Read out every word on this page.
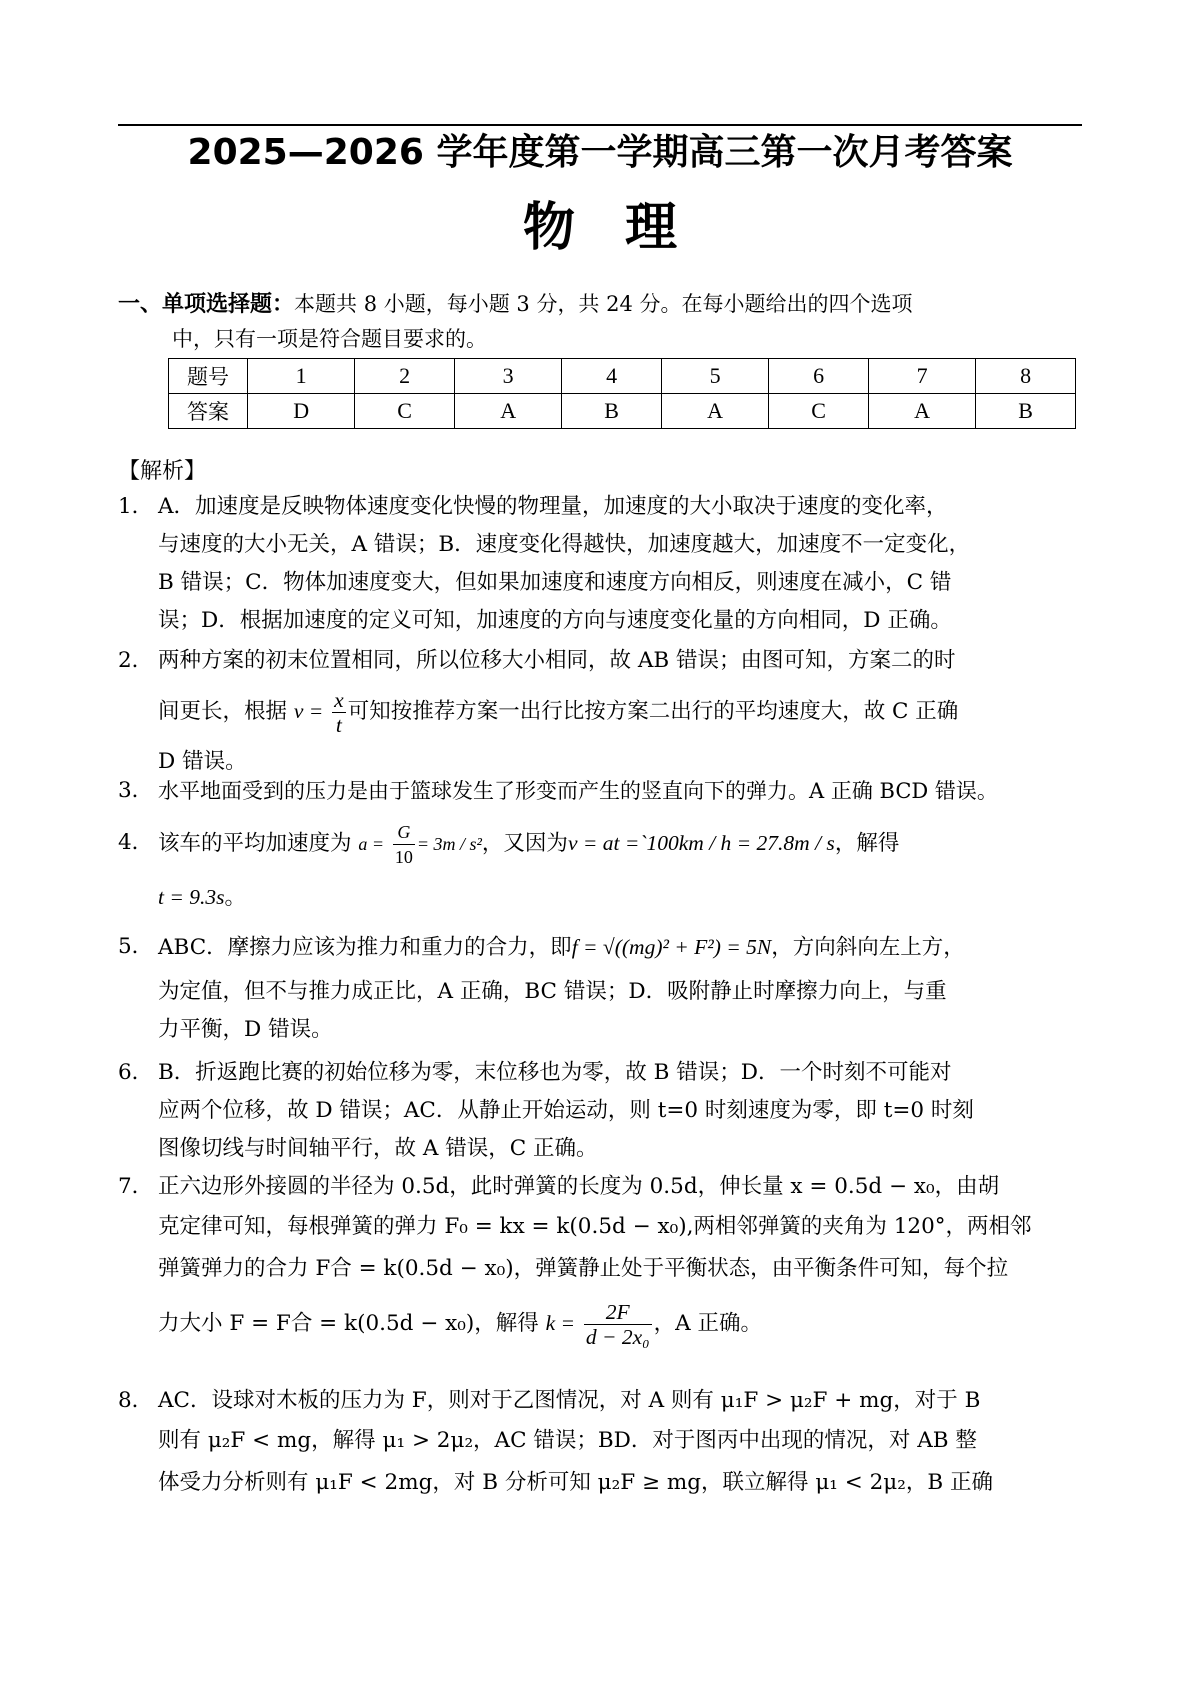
2025—2026 学年度第一学期高三第一次月考答案
物理
一、单项选择题：本题共 8 小题，每小题 3 分，共 24 分。在每小题给出的四个选项
中，只有一项是符合题目要求的。
题号	1	2	3	4	5	6	7	8
答案	D	C	A	B	A	C	A	B
【解析】
1． A．加速度是反映物体速度变化快慢的物理量，加速度的大小取决于速度的变化率，
与速度的大小无关，A 错误；B．速度变化得越快，加速度越大，加速度不一定变化，
B 错误；C．物体加速度变大，但如果加速度和速度方向相反，则速度在减小，C 错
误；D．根据加速度的定义可知，加速度的方向与速度变化量的方向相同，D 正确。
2． 两种方案的初末位置相同，所以位移大小相同，故 AB 错误；由图可知，方案二的时
间更长，根据 $v = \frac{x}{t}$ 可知按推荐方案一出行比按方案二出行的平均速度大，故 C 正确
D 错误。
3． 水平地面受到的压力是由于篮球发生了形变而产生的竖直向下的弹力。A 正确 BCD 错误。
4． 该车的平均加速度为 $a = \frac{G}{10} = 3m / s^2$，又因为v = at =`100km / h = 27.8m / s，解得
t = 9.3s。
5． ABC．摩擦力应该为推力和重力的合力，即f = √((mg)² + F²) = 5N，方向斜向左上方，
为定值，但不与推力成正比，A 正确，BC 错误；D．吸附静止时摩擦力向上，与重
力平衡，D 错误。
6． B．折返跑比赛的初始位移为零，末位移也为零，故 B 错误；D．一个时刻不可能对
应两个位移，故 D 错误；AC．从静止开始运动，则 t=0 时刻速度为零，即 t=0 时刻
图像切线与时间轴平行，故 A 错误，C 正确。
7． 正六边形外接圆的半径为 0.5d，此时弹簧的长度为 0.5d，伸长量 x = 0.5d − x₀，由胡
克定律可知，每根弹簧的弹力 F₀ = kx = k(0.5d − x₀),两相邻弹簧的夹角为 120°，两相邻
弹簧弹力的合力 F合 = k(0.5d − x₀)，弹簧静止处于平衡状态，由平衡条件可知，每个拉
力大小 F = F合 = k(0.5d − x₀)，解得 $k = \frac{2F}{\text{d − 2x₀}}$ ，A 正确。
8． AC．设球对木板的压力为 F，则对于乙图情况，对 A 则有 μ₁F > μ₂F + mg，对于 B
则有 μ₂F < mg，解得 μ₁ > 2μ₂，AC 错误；BD．对于图丙中出现的情况，对 AB 整
体受力分析则有 μ₁F < 2mg，对 B 分析可知 μ₂F ≥ mg，联立解得 μ₁ < 2μ₂，B 正确
